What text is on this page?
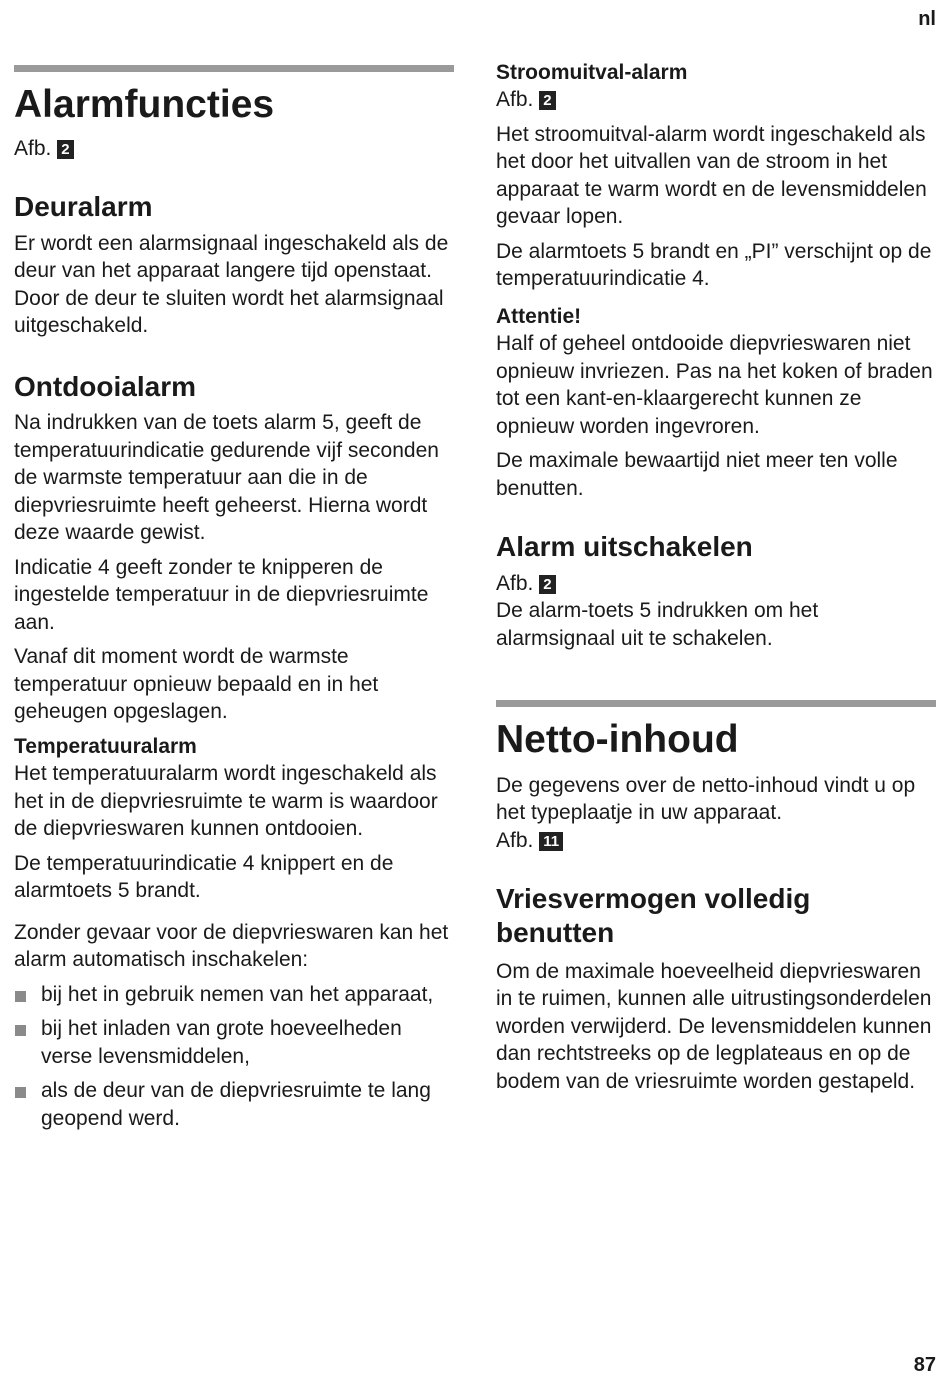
nl
Alarmfuncties

Afb. 2

Deuralarm

Er wordt een alarmsignaal ingeschakeld als de deur van het apparaat langere tijd openstaat. Door de deur te sluiten wordt het alarmsignaal uitgeschakeld.

Ontdooialarm

Na indrukken van de toets alarm 5, geeft de temperatuurindicatie gedurende vijf seconden de warmste temperatuur aan die in de diepvriesruimte heeft geheerst. Hierna wordt deze waarde gewist.

Indicatie 4 geeft zonder te knipperen de ingestelde temperatuur in de diepvriesruimte aan.

Vanaf dit moment wordt de warmste temperatuur opnieuw bepaald en in het geheugen opgeslagen.

Temperatuuralarm

Het temperatuuralarm wordt ingeschakeld als het in de diepvriesruimte te warm is waardoor de diepvrieswaren kunnen ontdooien.

De temperatuurindicatie 4 knippert en de alarmtoets 5 brandt.

Zonder gevaar voor de diepvrieswaren kan het alarm automatisch inschakelen:

bij het in gebruik nemen van het apparaat,
bij het inladen van grote hoeveelheden verse levensmiddelen,
als de deur van de diepvriesruimte te lang geopend werd.
Stroomuitval-alarm

Afb. 2

Het stroomuitval-alarm wordt ingeschakeld als het door het uitvallen van de stroom in het apparaat te warm wordt en de levensmiddelen gevaar lopen.

De alarmtoets 5 brandt en „PI” verschijnt op de temperatuurindicatie 4.

Attentie!

Half of geheel ontdooide diepvrieswaren niet opnieuw invriezen. Pas na het koken of braden tot een kant-en-klaargerecht kunnen ze opnieuw worden ingevroren.

De maximale bewaartijd niet meer ten volle benutten.

Alarm uitschakelen

Afb. 2

De alarm-toets 5 indrukken om het alarmsignaal uit te schakelen.

Netto-inhoud

De gegevens over de netto-inhoud vindt u op het typeplaatje in uw apparaat.

Afb. 11

Vriesvermogen volledig benutten

Om de maximale hoeveelheid diepvrieswaren in te ruimen, kunnen alle uitrustingsonderdelen worden verwijderd. De levensmiddelen kunnen dan rechtstreeks op de legplateaus en op de bodem van de vriesruimte worden gestapeld.

87
